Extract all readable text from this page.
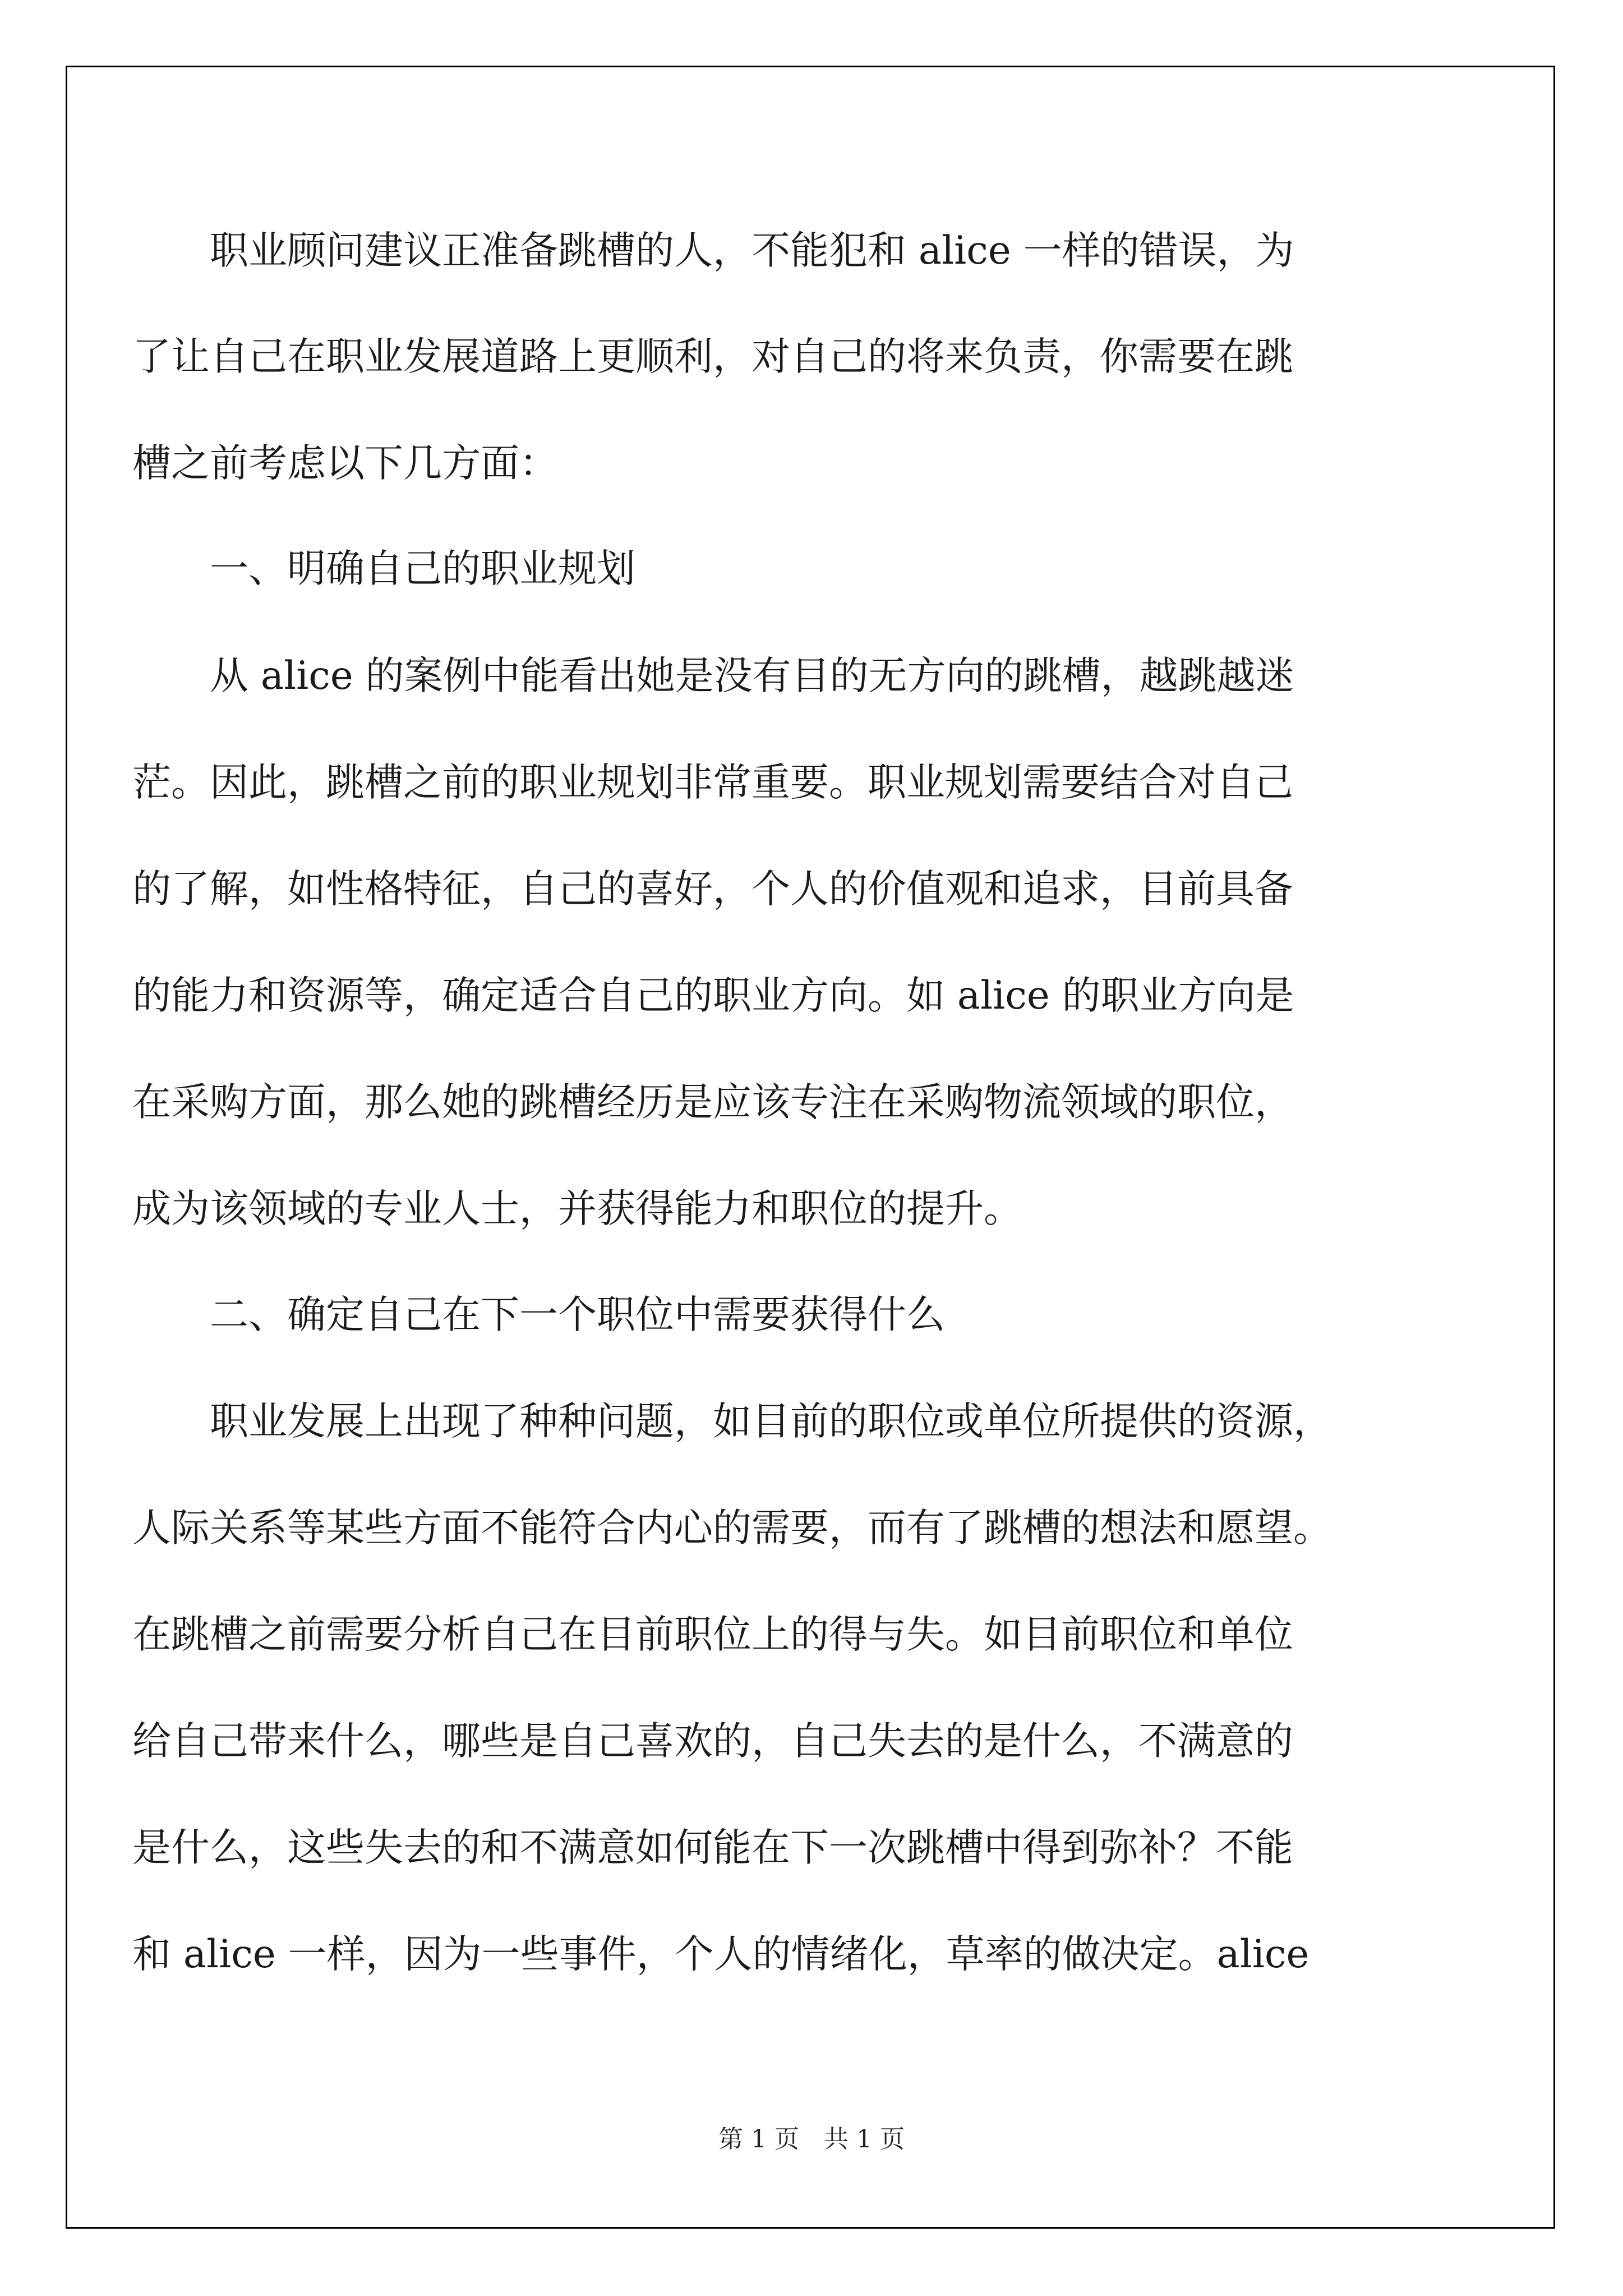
　　职业顾问建议正准备跳槽的人，不能犯和 alice 一样的错误，为
了让自己在职业发展道路上更顺利，对自己的将来负责，你需要在跳
槽之前考虑以下几方面：
　　一、明确自己的职业规划
　　从 alice 的案例中能看出她是没有目的无方向的跳槽，越跳越迷
茫。因此，跳槽之前的职业规划非常重要。职业规划需要结合对自己
的了解，如性格特征，自己的喜好，个人的价值观和追求，目前具备
的能力和资源等，确定适合自己的职业方向。如 alice 的职业方向是
在采购方面，那么她的跳槽经历是应该专注在采购物流领域的职位，
成为该领域的专业人士，并获得能力和职位的提升。
　　二、确定自己在下一个职位中需要获得什么
　　职业发展上出现了种种问题，如目前的职位或单位所提供的资源，
人际关系等某些方面不能符合内心的需要，而有了跳槽的想法和愿望。
在跳槽之前需要分析自己在目前职位上的得与失。如目前职位和单位
给自己带来什么，哪些是自己喜欢的，自己失去的是什么，不满意的
是什么，这些失去的和不满意如何能在下一次跳槽中得到弥补？不能
和 alice 一样，因为一些事件，个人的情绪化，草率的做决定。alice
第 1 页　共 1 页
